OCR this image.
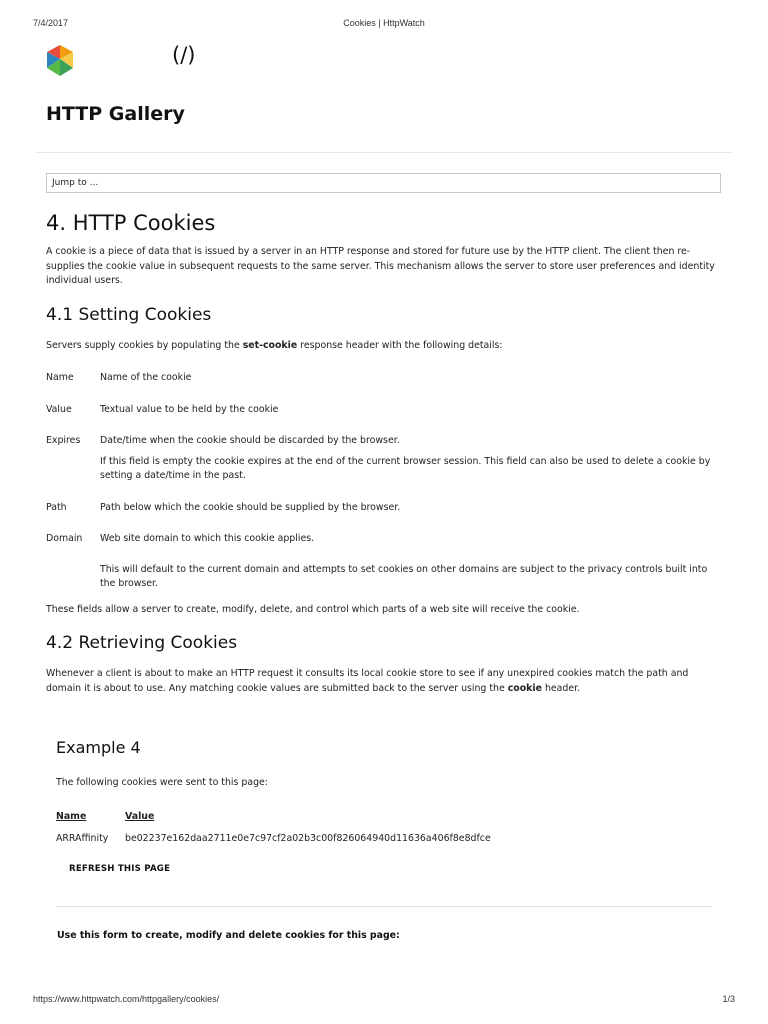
7/4/2017	Cookies | HttpWatch
(/)
HTTP Gallery
Jump to ...
4. HTTP Cookies

A cookie is a piece of data that is issued by a server in an HTTP response and stored for future use by the HTTP client. The client then re-supplies the cookie value in subsequent requests to the same server. This mechanism allows the server to store user preferences and identity individual users.

4.1 Setting Cookies

Servers supply cookies by populating the set-cookie response header with the following details:

Name	Name of the cookie

Value	Textual value to be held by the cookie

Expires	Date/time when the cookie should be discarded by the browser.

If this field is empty the cookie expires at the end of the current browser session. This field can also be used to delete a cookie by setting a date/time in the past.

Path	Path below which the cookie should be supplied by the browser.

Domain	Web site domain to which this cookie applies.

This will default to the current domain and attempts to set cookies on other domains are subject to the privacy controls built into the browser.

These fields allow a server to create, modify, delete, and control which parts of a web site will receive the cookie.

4.2 Retrieving Cookies

Whenever a client is about to make an HTTP request it consults its local cookie store to see if any unexpired cookies match the path and domain it is about to use. Any matching cookie values are submitted back to the server using the cookie header.

Example 4
The following cookies were sent to this page:
Name	Value
ARRAffinity	be02237e162daa2711e0e7c97cf2a02b3c00f826064940d11636a406f8e8dfce
REFRESH THIS PAGE
Use this form to create, modify and delete cookies for this page:
https://www.httpwatch.com/httpgallery/cookies/	1/3
